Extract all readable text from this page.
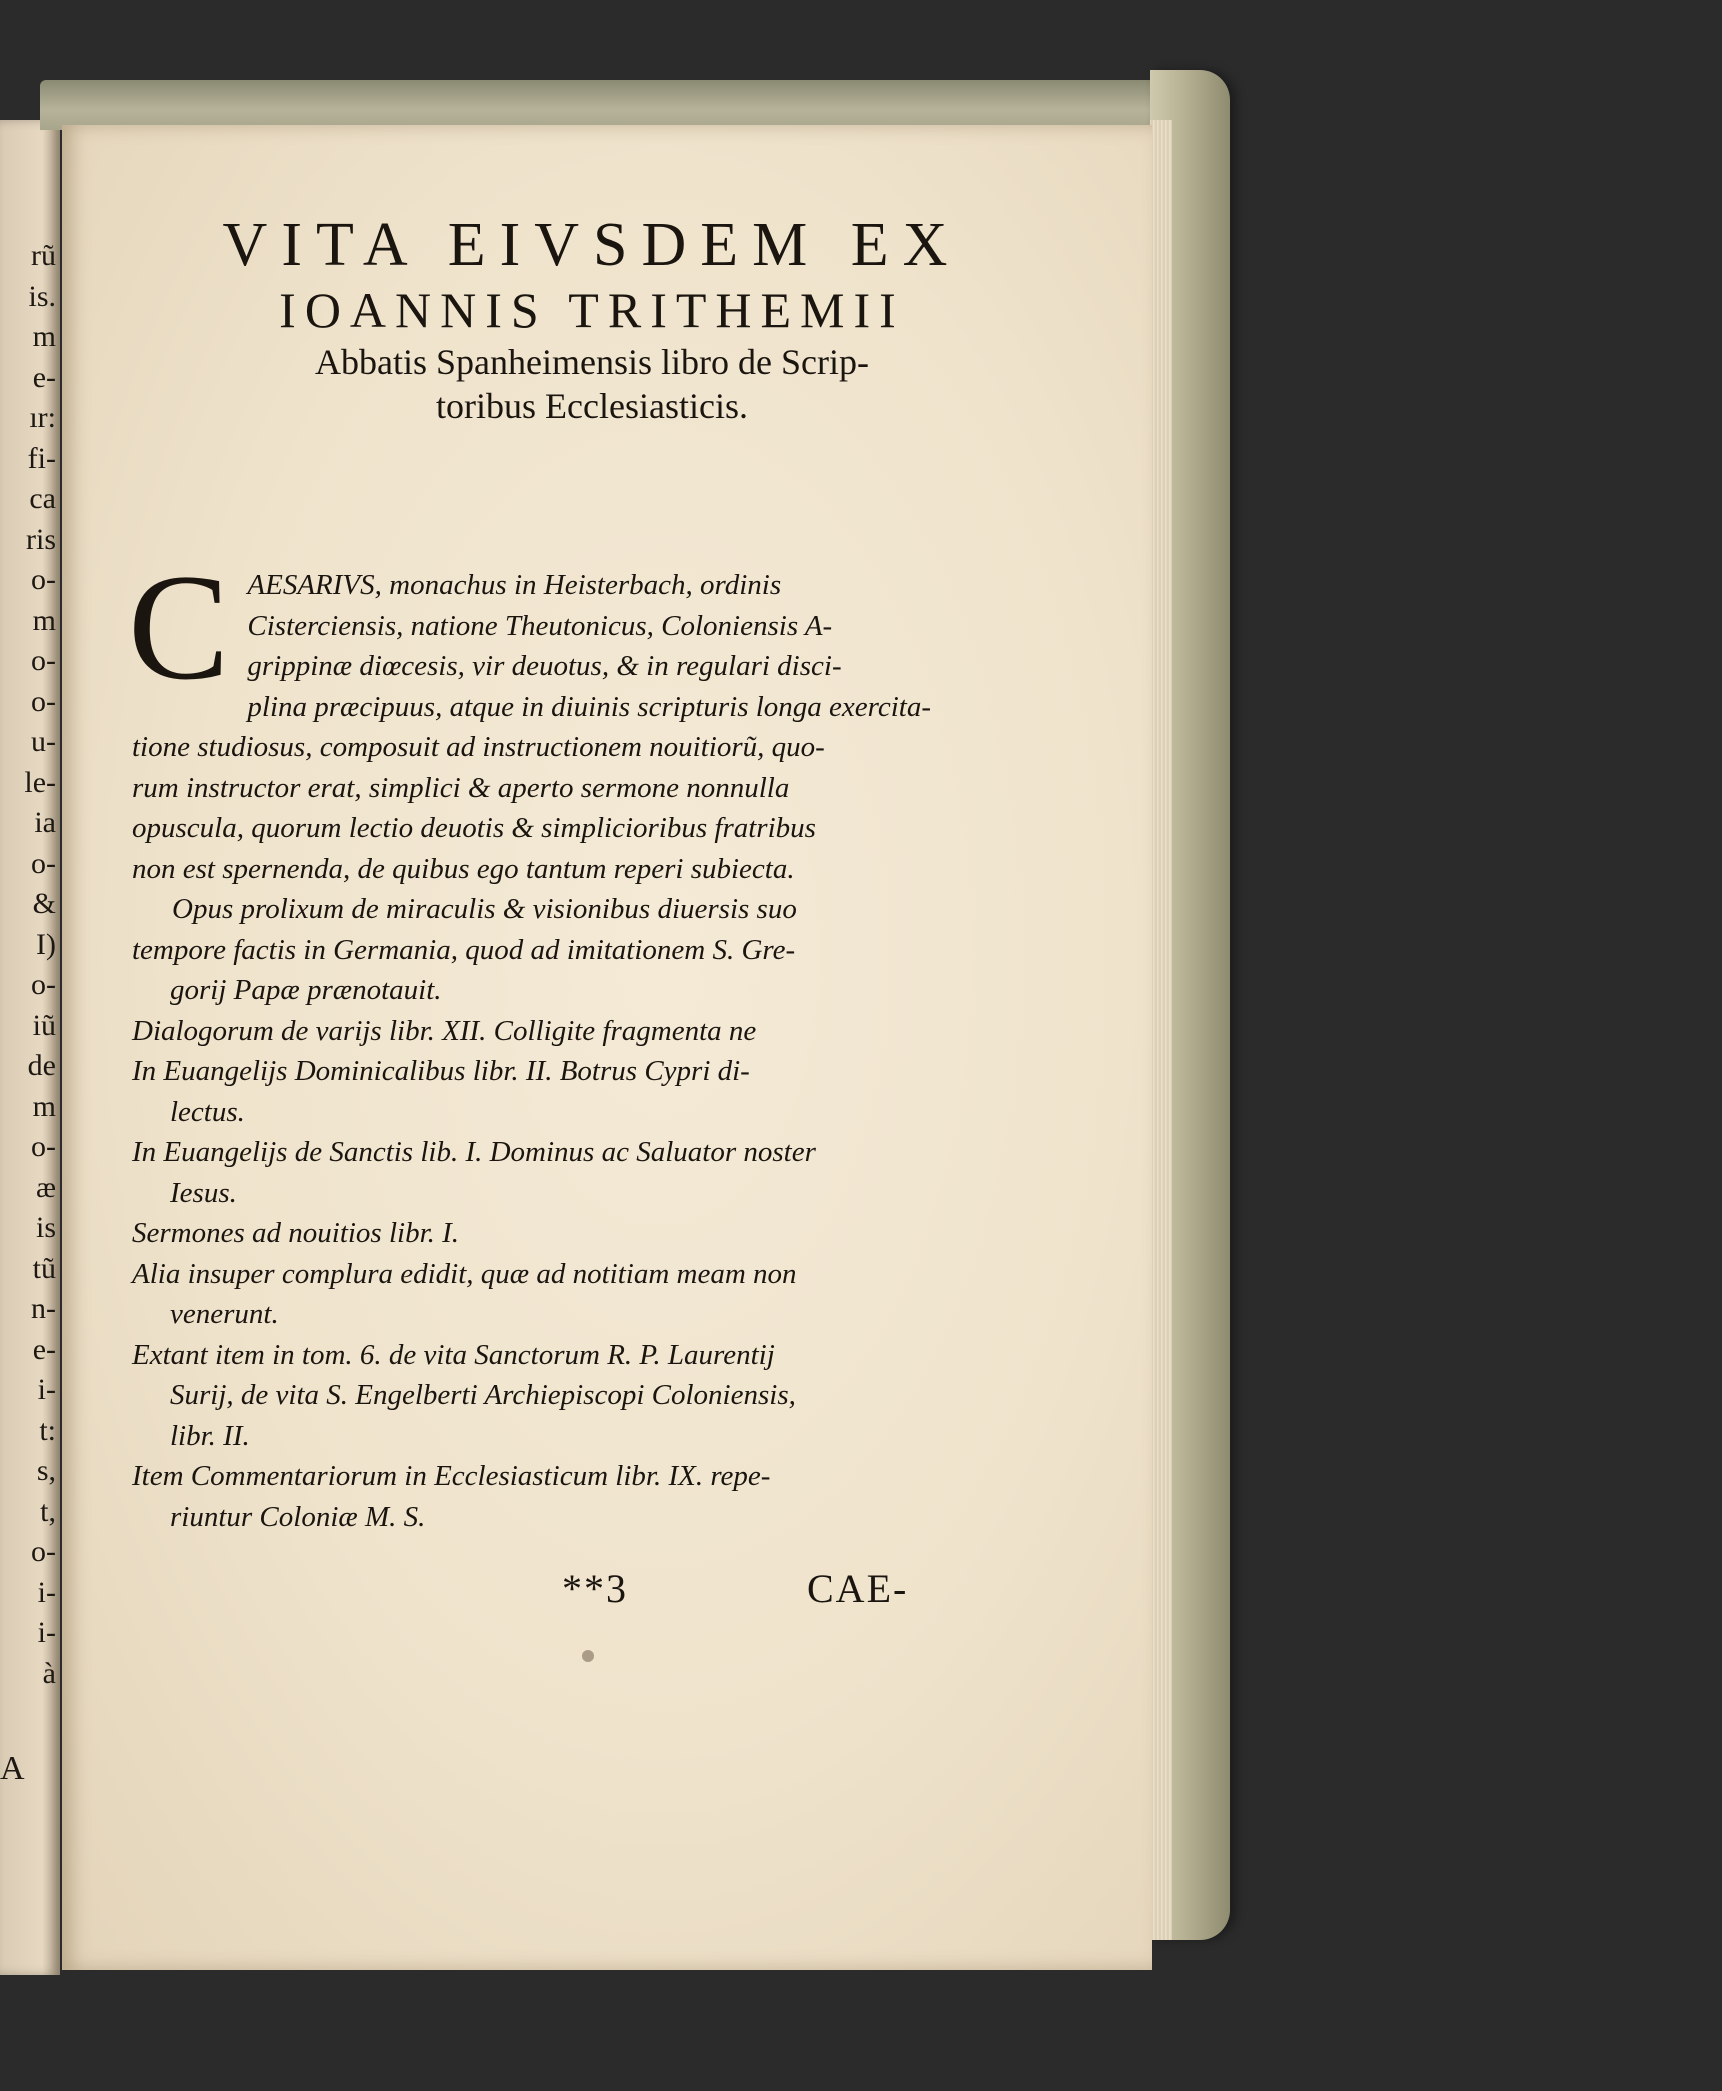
rũ
is.
m
e-
ır:
fi-
ca
ris
o-
m
o-
o-
u-
le-
ia
o-
&
I)
o-
iũ
de
m
o-
æ
is
tũ
n-
e-
i-
t:
s,
t,
o-
i-
i-
à
A
VITA EIVSDEM EX
IOANNIS TRITHEMII
Abbatis Spanheimensis libro de Scrip-
toribus Ecclesiasticis.
C AESARIVS, monachus in Heisterbach, ordinis
Cisterciensis, natione Theutonicus, Coloniensis A-
grippinæ diœcesis, vir deuotus, & in regulari disci-
plina præcipuus, atque in diuinis scripturis longa exercita-
tione studiosus, composuit ad instructionem nouitiorũ, quo-
rum instructor erat, simplici & aperto sermone nonnulla
opuscula, quorum lectio deuotis & simplicioribus fratribus
non est spernenda, de quibus ego tantum reperi subiecta.
Opus prolixum de miraculis & visionibus diuersis suo
tempore factis in Germania, quod ad imitationem S. Gre-
gorij Papæ prænotauit.
Dialogorum de varijs libr. XII. Colligite fragmenta ne
In Euangelijs Dominicalibus libr. II. Botrus Cypri di-
lectus.
In Euangelijs de Sanctis lib. I. Dominus ac Saluator noster
Iesus.
Sermones ad nouitios libr. I.
Alia insuper complura edidit, quæ ad notitiam meam non
venerunt.
Extant item in tom. 6. de vita Sanctorum R. P. Laurentij
Surij, de vita S. Engelberti Archiepiscopi Coloniensis,
libr. II.
Item Commentariorum in Ecclesiasticum libr. IX. repe-
riuntur Coloniæ M. S.
**3	CAE-
